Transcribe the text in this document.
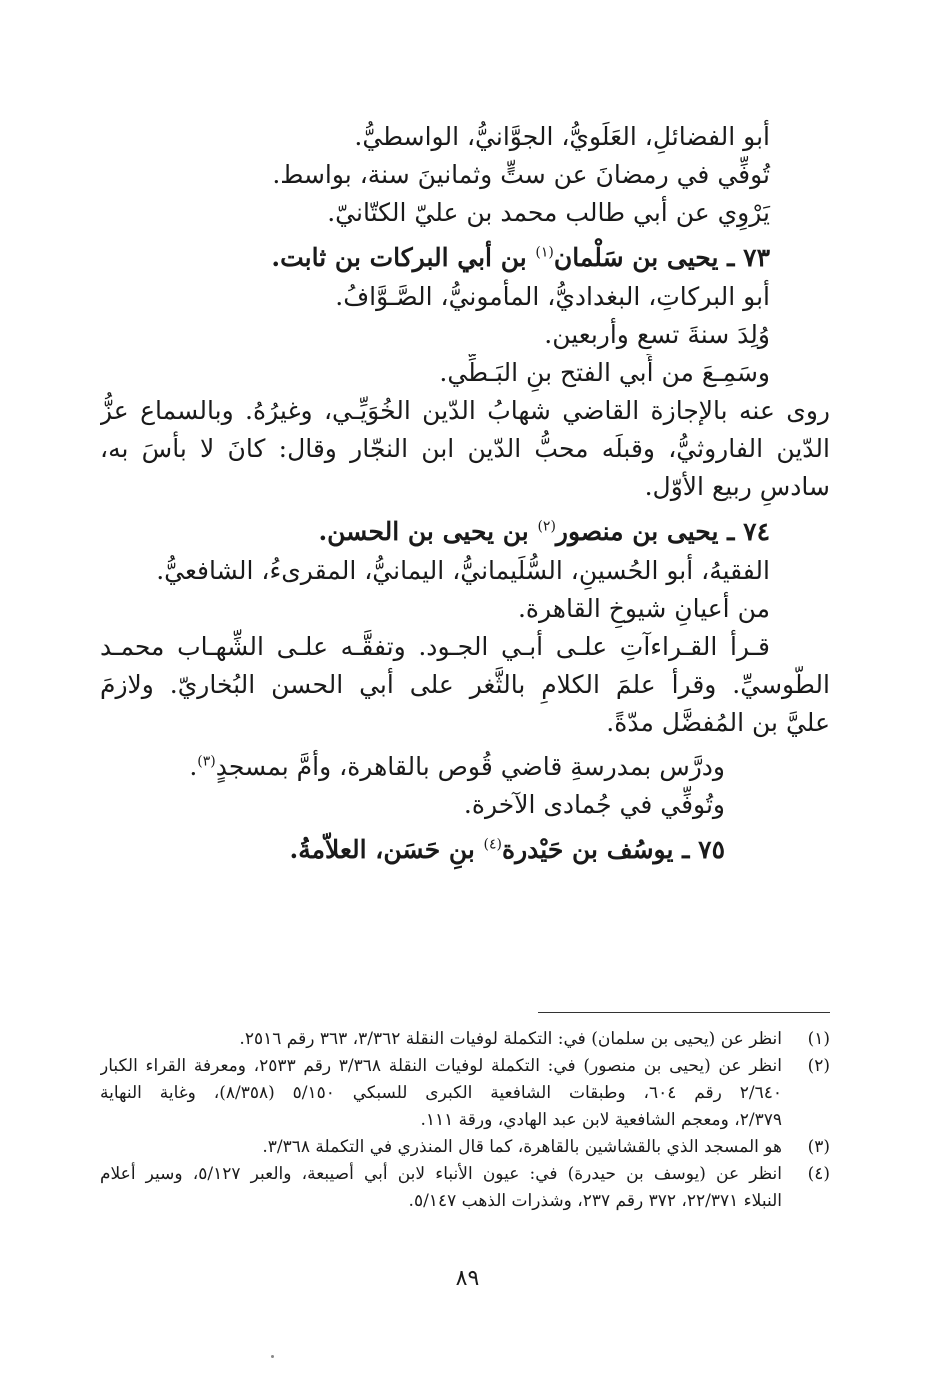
أبو الفضائلِ، العَلَويُّ، الجوَّانيُّ، الواسطيُّ.
تُوفِّي في رمضانَ عن ستٍّ وثمانينَ سنة، بواسط.
يَرْوِي عن أبي طالب محمد بن عليّ الكتّانيّ.
٧٣ ـ يحيى بن سَلْمان$^{(١)}$ بن أبي البركات بن ثابت.
أبو البركاتِ، البغداديُّ، المأمونيُّ، الصَّـوَّافُ.
وُلِدَ سنةَ تسع وأربعين.
وسَمِـعَ من أَبي الفتح بنِ البَـطِّي.
روى عنه بالإجازة القاضي شهابُ الدّين الخُوَيِّـي، وغيرُهُ. وبالسماع عزُّ
الدّين الفاروثيُّ، وقبلَه محبُّ الدّين ابن النجّار وقال: كانَ لا بأسَ به،
سادسِ ربيع الأوّل.
٧٤ ـ يحيى بن منصور$^{(٢)}$ بن يحيى بن الحسن.
الفقيهُ، أبو الحُسينِ، السُّلَيمانيُّ، اليمانيُّ، المقرىءُ، الشافعيُّ.
من أعيانِ شيوخِ القاهرة.
قـرأ القـراءآتِ علـى أبـي الجـود. وتفقَّـه علـى الشِّهـاب محمـد
الطُّوسيِّ. وقرأ علمَ الكلامِ بالثَّغر على أبي الحسن البُخاريّ. ولازمَ
عليَّ بن المُفضَّل مدّةً.
ودرَّس بمدرسةِ قاضي قُوص بالقاهرة، وأمَّ بمسجدٍ$^{(٣)}$.
وتُوفِّي في جُمادى الآخرة.
٧٥ ـ يوسُف بن حَيْدرة$^{(٤)}$ بنِ حَسَن، العلاّمةُ.
(١)
انظر عن (يحيى بن سلمان) في: التكملة لوفيات النقلة ٣/٣٦٢، ٣٦٣ رقم ٢٥١٦.
(٢)
انظر عن (يحيى بن منصور) في: التكملة لوفيات النقلة ٣/٣٦٨ رقم ٢٥٣٣، ومعرفة القراء الكبار
٢/٦٤٠ رقم ٦٠٤، وطبقات الشافعية الكبرى للسبكي ٥/١٥٠ (٨/٣٥٨)، وغاية النهاية
٢/٣٧٩، ومعجم الشافعية لابن عبد الهادي، ورقة ١١١.
(٣)
هو المسجد الذي بالقشاشين بالقاهرة، كما قال المنذري في التكملة ٣/٣٦٨.
(٤)
انظر عن (يوسف بن حيدرة) في: عيون الأنباء لابن أبي أصيبعة، والعبر ٥/١٢٧، وسير أعلام
النبلاء ٢٢/٣٧١، ٣٧٢ رقم ٢٣٧، وشذرات الذهب ٥/١٤٧.
٨٩
